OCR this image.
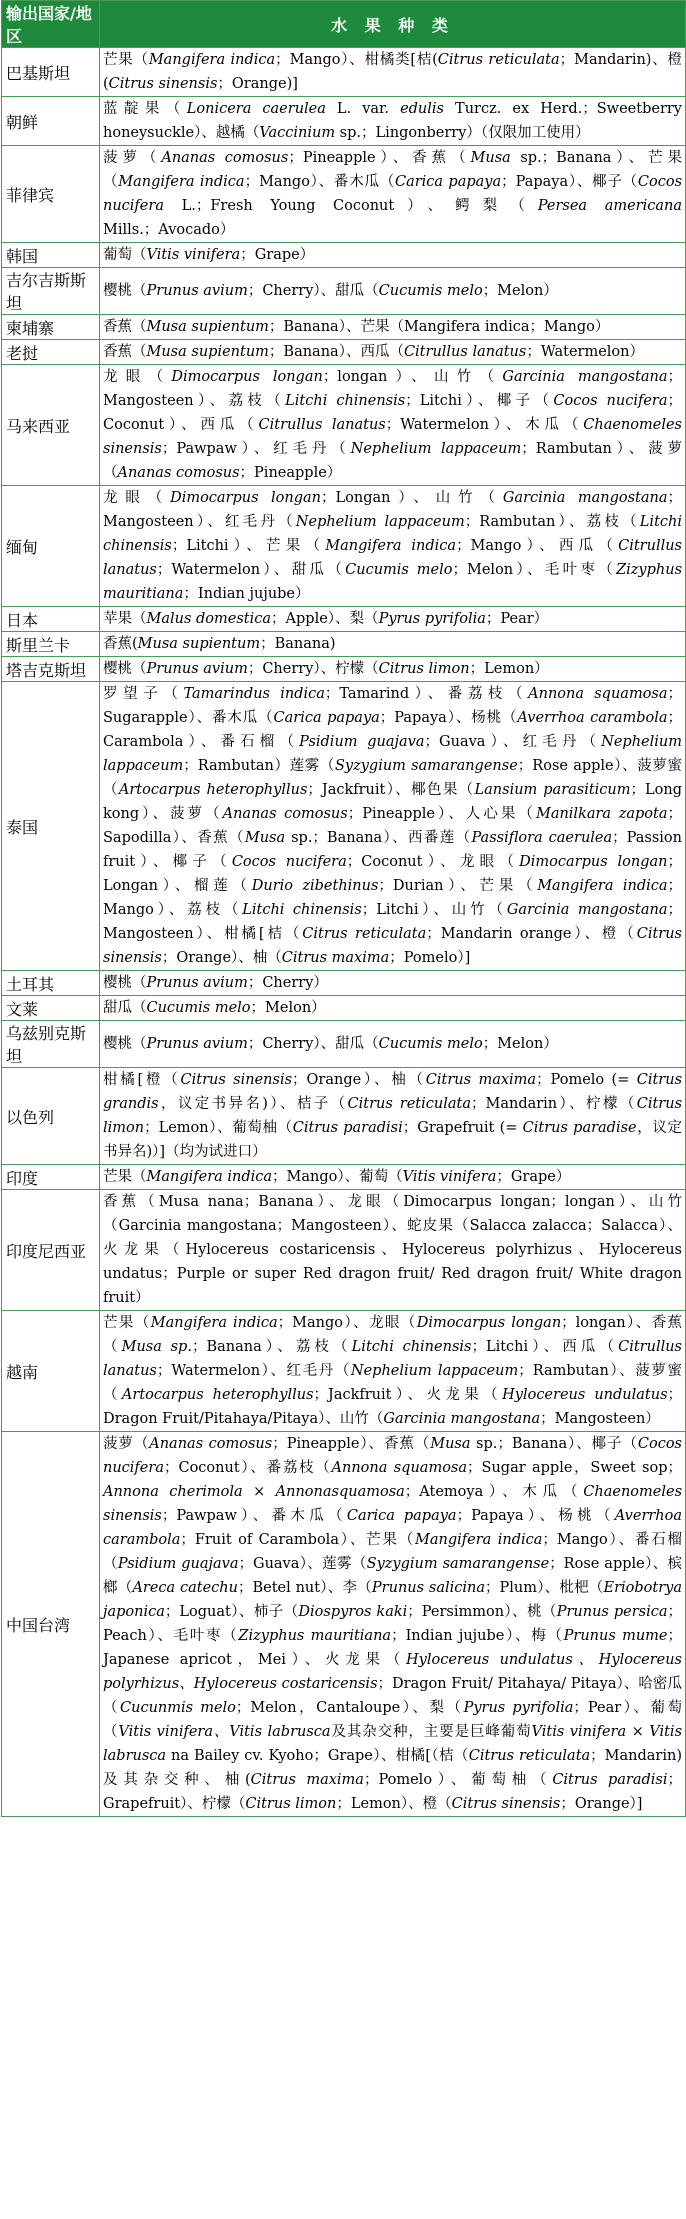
输出国家/地区	水 果 种 类
巴基斯坦	芒果（Mangifera indica；Mango）、柑橘类[桔(Citrus reticulata；Mandarin)、橙(Citrus sinensis；Orange)]
朝鲜	蓝靛果（Lonicera caerulea L. var. edulis Turcz. ex Herd.；Sweetberry honeysuckle）、越橘（Vaccinium sp.；Lingonberry）（仅限加工使用）
菲律宾	菠萝（Ananas comosus；Pineapple）、香蕉（Musa sp.；Banana）、芒果（Mangifera indica；Mango）、番木瓜（Carica papaya；Papaya）、椰子（Cocos nucifera L.；Fresh Young Coconut）、鳄梨（Persea americana Mills.；Avocado）
韩国	葡萄（Vitis vinifera；Grape）
吉尔吉斯斯坦	樱桃（Prunus avium；Cherry）、甜瓜（Cucumis melo；Melon）
柬埔寨	香蕉（Musa supientum；Banana）、芒果（Mangifera indica；Mango）
老挝	香蕉（Musa supientum；Banana）、西瓜（Citrullus lanatus；Watermelon）
马来西亚	龙眼（Dimocarpus longan；longan）、山竹（Garcinia mangostana；Mangosteen）、荔枝（Litchi chinensis；Litchi）、椰子（Cocos nucifera；Coconut）、西瓜（Citrullus lanatus；Watermelon）、木瓜（Chaenomeles sinensis；Pawpaw）、红毛丹（Nephelium lappaceum；Rambutan）、菠萝（Ananas comosus；Pineapple）
缅甸	龙眼（Dimocarpus longan；Longan）、山竹（Garcinia mangostana；Mangosteen）、红毛丹（Nephelium lappaceum；Rambutan）、荔枝（Litchi chinensis；Litchi）、芒果（Mangifera indica；Mango）、西瓜（Citrullus lanatus；Watermelon）、甜瓜（Cucumis melo；Melon）、毛叶枣（Zizyphus mauritiana；Indian jujube）
日本	苹果（Malus domestica；Apple）、梨（Pyrus pyrifolia；Pear）
斯里兰卡	香蕉(Musa supientum；Banana)
塔吉克斯坦	樱桃（Prunus avium；Cherry）、柠檬（Citrus limon；Lemon）
泰国	罗望子（Tamarindus indica；Tamarind）、番荔枝（Annona squamosa；Sugarapple）、番木瓜（Carica papaya；Papaya）、杨桃（Averrhoa carambola；Carambola）、番石榴（Psidium guajava；Guava）、红毛丹（Nephelium lappaceum；Rambutan）莲雾（Syzygium samarangense；Rose apple）、菠萝蜜（Artocarpus heterophyllus；Jackfruit）、椰色果（Lansium parasiticum；Long kong）、菠萝（Ananas comosus；Pineapple）、人心果（Manilkara zapota；Sapodilla）、香蕉（Musa sp.；Banana）、西番莲（Passiflora caerulea；Passion fruit）、椰子（Cocos nucifera；Coconut）、龙眼（Dimocarpus longan；Longan）、榴莲（Durio zibethinus；Durian）、芒果（Mangifera indica；Mango）、荔枝（Litchi chinensis；Litchi）、山竹（Garcinia mangostana；Mangosteen）、柑橘[桔（Citrus reticulata；Mandarin orange）、橙（Citrus sinensis；Orange）、柚（Citrus maxima；Pomelo）]
土耳其	樱桃（Prunus avium；Cherry）
文莱	甜瓜（Cucumis melo；Melon）
乌兹别克斯坦	樱桃（Prunus avium；Cherry）、甜瓜（Cucumis melo；Melon）
以色列	柑橘[橙（Citrus sinensis；Orange）、柚（Citrus maxima；Pomelo (= Citrus grandis，议定书异名)）、桔子（Citrus reticulata；Mandarin）、柠檬（Citrus limon；Lemon）、葡萄柚（Citrus paradisi；Grapefruit (= Citrus paradise，议定书异名)）]（均为试进口）
印度	芒果（Mangifera indica；Mango）、葡萄（Vitis vinifera；Grape）
印度尼西亚	香蕉（Musa nana；Banana）、龙眼（Dimocarpus longan；longan）、山竹（Garcinia mangostana；Mangosteen）、蛇皮果（Salacca zalacca；Salacca）、火龙果（Hylocereus costaricensis、Hylocereus polyrhizus、Hylocereus undatus；Purple or super Red dragon fruit/ Red dragon fruit/ White dragon fruit）
越南	芒果（Mangifera indica；Mango）、龙眼（Dimocarpus longan；longan）、香蕉（Musa sp.；Banana）、荔枝（Litchi chinensis；Litchi）、西瓜（Citrullus lanatus；Watermelon）、红毛丹（Nephelium lappaceum；Rambutan）、菠萝蜜（Artocarpus heterophyllus；Jackfruit）、火龙果（Hylocereus undulatus；Dragon Fruit/Pitahaya/Pitaya）、山竹（Garcinia mangostana；Mangosteen）
中国台湾	菠萝（Ananas comosus；Pineapple）、香蕉（Musa sp.；Banana）、椰子（Cocos nucifera；Coconut）、番荔枝（Annona squamosa；Sugar apple，Sweet sop；Annona cherimola × Annonasquamosa；Atemoya）、木瓜（Chaenomeles sinensis；Pawpaw）、番木瓜（Carica papaya；Papaya）、杨桃（Averrhoa carambola；Fruit of Carambola）、芒果（Mangifera indica；Mango）、番石榴（Psidium guajava；Guava）、莲雾（Syzygium samarangense；Rose apple）、槟榔（Areca catechu；Betel nut）、李（Prunus salicina；Plum）、枇杷（Eriobotrya japonica；Loguat）、柿子（Diospyros kaki；Persimmon）、桃（Prunus persica；Peach）、毛叶枣（Zizyphus mauritiana；Indian jujube）、梅（Prunus mume；Japanese apricot，Mei）、火龙果（Hylocereus undulatus、Hylocereus polyrhizus、Hylocereus costaricensis；Dragon Fruit/ Pitahaya/ Pitaya）、哈密瓜（Cucunmis melo；Melon，Cantaloupe）、梨（Pyrus pyrifolia；Pear）、葡萄（Vitis vinifera、Vitis labrusca及其杂交种，主要是巨峰葡萄Vitis vinifera × Vitis labrusca na Bailey cv. Kyoho；Grape）、柑橘[（桔（Citrus reticulata；Mandarin)及其杂交种、柚(Citrus maxima；Pomelo）、葡萄柚（Citrus paradisi；Grapefruit）、柠檬（Citrus limon；Lemon）、橙（Citrus sinensis；Orange）]
